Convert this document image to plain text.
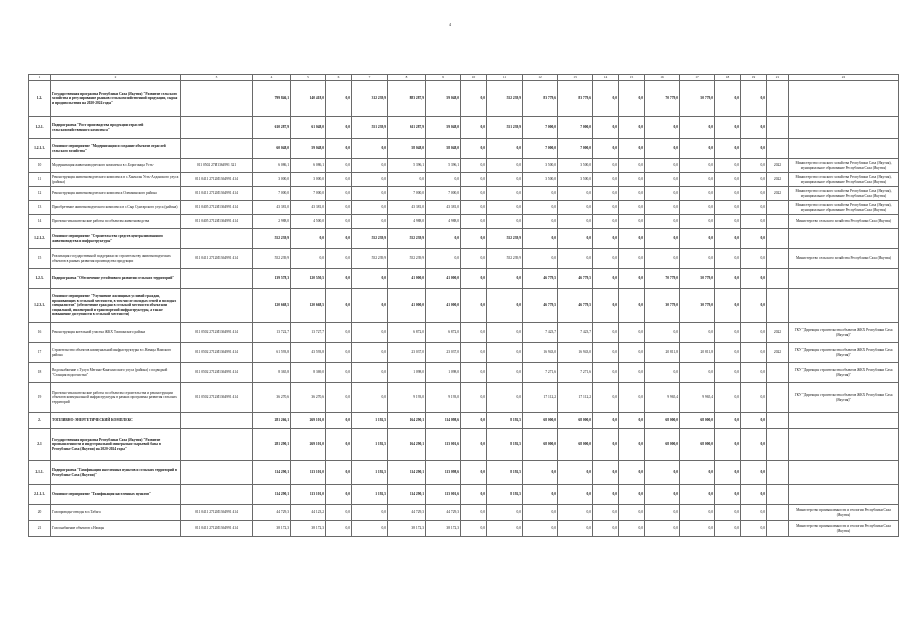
4
1	2	3	4	5	6	7	8	9	10	11	12	13	14	15	16	17	18	19	21	22
1.2.	Государственная программа Республики Саха (Якутия) "Развитие сельского хозяйства и регулирование рынков сельскохозяйственной продукции, сырья и продовольствия на 2020-2024 годы"		799 846,1	140 418,0	0,0	312 239,9	883 287,9	59 048,0	0,0	552 239,9	83 779,6	83 779,6	0,0	0,0	70 779,0	50 779,0	0,0	0,0		
1.2.1.	Подпрограмма "Рост производства продукции отраслей сельскохозяйственного комплекса"		610 287,9	61 048,0	0,0	551 239,9	611 287,9	59 048,0	0,0	551 239,9	7 000,0	7 000,0	0,0	0,0	0,0	0,0	0,0	0,0		
1.2.1.1.	Основное мероприятие "Модернизация и создание объектов отраслей сельского хозяйства"		60 048,0	59 048,0	0,0	0,0	58 048,0	58 048,0	0,0	0,0	7 000,0	7 000,0	0,0	0,0	0,0	0,0	0,0	0,0		
10	Модернизация животноводческого комплекса в с.Борогонцы Усть-	011 0502 27И1364991 321	6 086,1	6 086,1	0,0	0,0	5 396,1	5 396,1	0,0	0,0	3 500,0	3 500,0	0,0	0,0	0,0	0,0	0,0	0,0	2022	Министерство сельского хозяйства Республики Саха (Якутия), муниципальное образование Республики Саха (Якутия)
11	Реконструкция животноводческого комплекса в с.Ханчалы Усть-Алданского улуса (района)	011 0411 2712И1364991 414	3 000,0	3 000,0	0,0	0,0	0,0	0,0	0,0	0,0	3 500,0	3 500,0	0,0	0,0	0,0	0,0	0,0	0,0	2022	Министерство сельского хозяйства Республики Саха (Якутия), муниципальное образование Республики Саха (Якутия)
12	Реконструкция животноводческого комплекса Олекминского района	011 0411 2712И1364991 414	7 000,0	7 000,0	0,0	0,0	7 000,0	7 000,0	0,0	0,0	0,0	0,0	0,0	0,0	0,0	0,0	0,0	0,0	2022	Министерство сельского хозяйства Республики Саха (Якутия), муниципальное образование Республики Саха (Якутия)
13	Приобретение животноводческого комплекса в с.Сыр Сунтарского улуса (района)	011 0405 2712И1364991 414	43 381,0	43 381,0	0,0	0,0	43 381,0	43 381,0	0,0	0,0	0,0	0,0	0,0	0,0	0,0	0,0	0,0	0,0		Министерство сельского хозяйства Республики Саха (Якутия), муниципальное образование Республики Саха (Якутия)
14	Проектно-изыскательские работы по объектам животноводства	011 0405 2712И1364991 414	2 988,0	4 500,0	0,0	0,0	4 988,0	4 988,0	0,0	0,0	0,0	0,0	0,0	0,0	0,0	0,0	0,0	0,0		Министерство сельского хозяйства Республики Саха (Якутия)
1.2.1.2.	Основное мероприятие "Строительство средств централизованного животноводства и инфраструктуры"		552 239,9	0,0	0,0	552 239,9	552 239,9	0,0	0,0	552 239,9	0,0	0,0	0,0	0,0	0,0	0,0	0,0	0,0		
15	Реализация государственной поддержки по строительству животноводческих объектов в рамках развития производства продукции	011 0411 2712И1364991 414	552 239,9	0,0	0,0	552 239,9	552 239,9	0,0	0,0	552 239,9	0,0	0,0	0,0	0,0	0,0	0,0	0,0	0,0		Министерство сельского хозяйства Республики Саха (Якутия)
1.2.3.	Подпрограмма "Обеспечение устойчивого развития сельских территорий"		139 578,3	120 550,5	0,0	0,0	41 000,0	41 000,0	0,0	0,0	46 779,5	46 779,5	0,0	0,0	70 779,0	50 779,0	0,0	0,0		
1.2.3.1.	Основное мероприятие "Улучшение жилищных условий граждан, проживающих в сельской местности, в том числе молодых семей и молодых специалистов" (обеспечение граждан в сельской местности объектами социальной, инженерной и транспортной инфраструктуры, а также повышение доступности в сельской местности)		120 668,5	120 668,5	0,0	0,0	41 000,0	41 000,0	0,0	0,0	46 779,5	46 779,5	0,0	0,0	30 779,0	30 779,0	0,0	0,0		
16	Реконструкция котельной участка ЖКХ Томпонского района	011 0502 2712И1364991 414	13 722,7	13 727,7	0,0	0,0	6 872,0	6 872,0	0,0	0,0	7 423,7	7 423,7	0,0	0,0	0,0	0,0	0,0	0,0	2022	ГКУ "Дирекция строительства объектов ЖКХ Республики Саха (Якутия)"
17	Строительство объектов коммунальной инфраструктуры в с.Намцы Намского района	011 0502 2712И1364991 414	61 593,8	43 593,8	0,0	0,0	23 037,0	23 037,0	0,0	0,0	16 943,0	16 943,0	0,0	0,0	20 811,8	20 811,8	0,0	0,0	2022	ГКУ "Дирекция строительства объектов ЖКХ Республики Саха (Якутия)"
18	Водоснабжение с.Тулуп Мегино-Кангаласского улуса (района) с подводкой "Станция водоочистки"	011 0502 2712И1364991 414	8 365,8	8 369,0	0,0	0,0	1 098,0	1 098,0	0,0	0,0	7 271,6	7 271,6	0,0	0,0	0,0	0,0	0,0	0,0		ГКУ "Дирекция строительства объектов ЖКХ Республики Саха (Якутия)"
19	Проектно-изыскательские работы по объектам строительства и реконструкции объектов коммунальной инфраструктуры в рамках программы развития сельских территорий	011 0502 2712И1364991 414	36 270,6	36 270,6	0,0	0,0	9 193,0	9 193,0	0,0	0,0	17 112,2	17 112,2	0,0	0,0	9 965,4	9 965,4	0,0	0,0		ГКУ "Дирекция строительства объектов ЖКХ Республики Саха (Якутия)"
2.	ТОПЛИВНО-ЭНЕРГЕТИЧЕСКИЙ КОМПЛЕКС		281 266,1	269 101,0	0,0	1 192,5	164 290,1	114 098,6	0,0	8 192,5	68 000,0	68 000,0	0,0	0,0	68 000,0	68 000,0	0,0	0,0		
2.1	Государственная программа Республики Саха (Якутия) "Развитие промышленности и индустриальной минерально-сырьевой базы в Республике Саха (Якутия) на 2020-2024 годы"		281 290,1	269 101,0	0,0	1 192,5	164 290,1	113 001,6	0,0	8 192,5	68 000,0	68 000,0	0,0	0,0	68 000,0	68 000,0	0,0	0,0		
2.1.1.	Подпрограмма "Газификация населенных пунктов и сельских территорий в Республике Саха (Якутия)"		114 290,1	113 101,0	0,0	1 192,5	114 290,1	113 098,6	0,0	8 192,5	0,0	0,0	0,0	0,0	0,0	0,0	0,0	0,0		
2.1.1.1.	Основное мероприятие "Газификация населенных пунктов"		114 290,1	113 101,0	0,0	1 192,5	114 290,1	113 001,6	0,0	8 192,5	0,0	0,0	0,0	0,0	0,0	0,0	0,0	0,0		
20	Газопроводы-отводы в п.Табага	011 0411 2712И1364991 414	44 729,3	44 123,2	0,0	0,0	44 729,3	44 729,3	0,0	0,0	0,0	0,0	0,0	0,0	0,0	0,0	0,0	0,0		Министерство промышленности и геологии Республики Саха (Якутия)
21	Газоснабжение объектов с.Намцы	011 0411 2712И1364991 414	38 172,3	38 172,3	0,0	0,0	38 172,3	38 172,3	0,0	0,0	0,0	0,0	0,0	0,0	0,0	0,0	0,0	0,0		Министерство промышленности и геологии Республики Саха (Якутия)
